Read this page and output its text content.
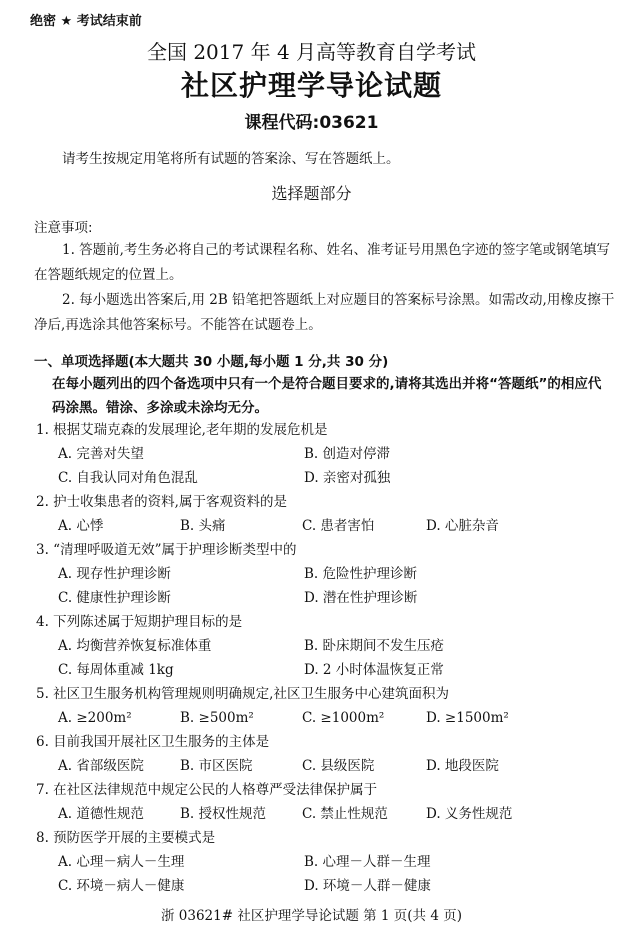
绝密 ★ 考试结束前
全国 2017 年 4 月高等教育自学考试
社区护理学导论试题
课程代码:03621
请考生按规定用笔将所有试题的答案涂、写在答题纸上。
选择题部分
注意事项:
1. 答题前,考生务必将自己的考试课程名称、姓名、准考证号用黑色字迹的签字笔或钢笔填写在答题纸规定的位置上。
2. 每小题选出答案后,用 2B 铅笔把答题纸上对应题目的答案标号涂黑。如需改动,用橡皮擦干净后,再选涂其他答案标号。不能答在试题卷上。
一、单项选择题(本大题共 30 小题,每小题 1 分,共 30 分)
在每小题列出的四个备选项中只有一个是符合题目要求的,请将其选出并将“答题纸”的相应代码涂黑。错涂、多涂或未涂均无分。
1. 根据艾瑞克森的发展理论,老年期的发展危机是
A. 完善对失望	B. 创造对停滞
C. 自我认同对角色混乱	D. 亲密对孤独
2. 护士收集患者的资料,属于客观资料的是
A. 心悸	B. 头痛	C. 患者害怕	D. 心脏杂音
3. “清理呼吸道无效”属于护理诊断类型中的
A. 现存性护理诊断	B. 危险性护理诊断
C. 健康性护理诊断	D. 潜在性护理诊断
4. 下列陈述属于短期护理目标的是
A. 均衡营养恢复标准体重	B. 卧床期间不发生压疮
C. 每周体重减 1kg	D. 2 小时体温恢复正常
5. 社区卫生服务机构管理规则明确规定,社区卫生服务中心建筑面积为
A. ≥200m²	B. ≥500m²	C. ≥1000m²	D. ≥1500m²
6. 目前我国开展社区卫生服务的主体是
A. 省部级医院	B. 市区医院	C. 县级医院	D. 地段医院
7. 在社区法律规范中规定公民的人格尊严受法律保护属于
A. 道德性规范	B. 授权性规范	C. 禁止性规范	D. 义务性规范
8. 预防医学开展的主要模式是
A. 心理－病人－生理	B. 心理－人群－生理
C. 环境－病人－健康	D. 环境－人群－健康
浙 03621# 社区护理学导论试题 第 1 页(共 4 页)
